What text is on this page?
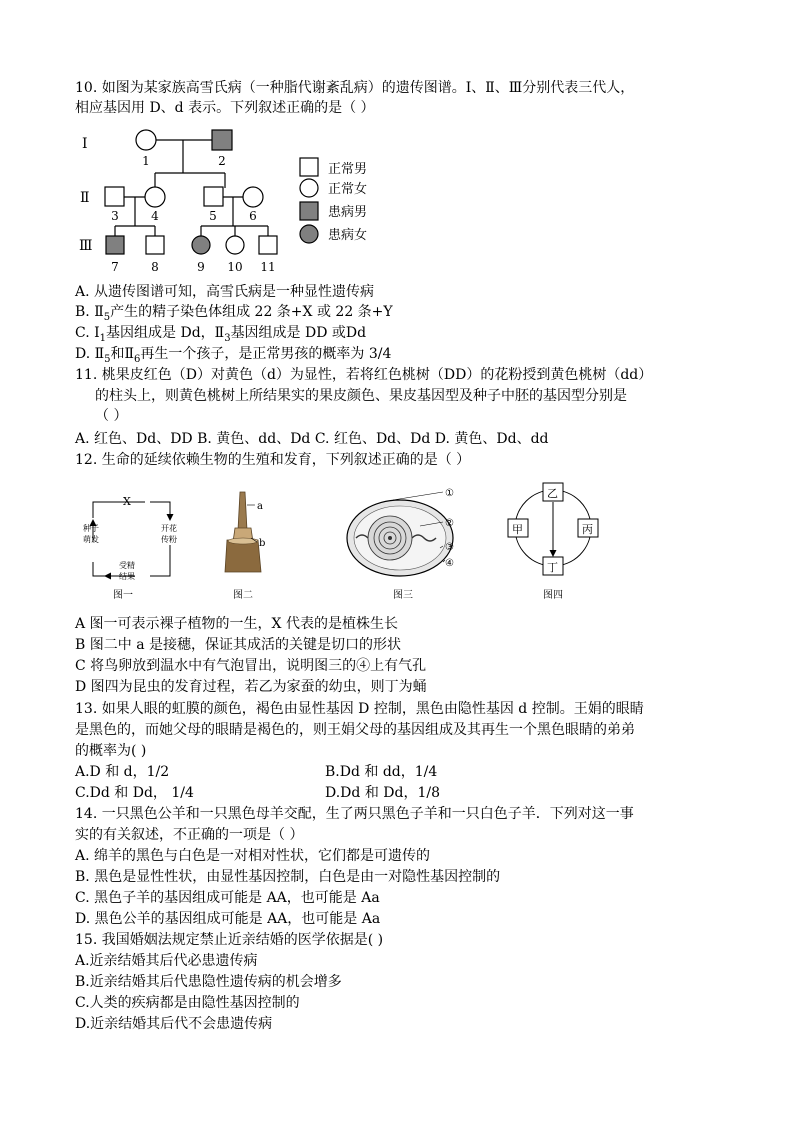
10. 如图为某家族高雪氏病（一种脂代谢紊乱病）的遗传图谱。Ⅰ、Ⅱ、Ⅲ分别代表三代人，
相应基因用 D、d 表示。下列叙述正确的是（ ）
Ⅰ
Ⅱ
Ⅲ
1	2
3	4	5	6
7	8	9 10 11
正常男
正常女
患病男
患病女
A. 从遗传图谱可知，高雪氏病是一种显性遗传病
B. $Ⅱ_5$产生的精子染色体组成 22 条+X 或 22 条+Y
C. $Ⅰ_1$基因组成是 Dd，$Ⅱ_3$基因组成是 DD 或Dd
D. $Ⅱ_5$和$Ⅱ_6$再生一个孩子，是正常男孩的概率为 3/4
11. 桃果皮红色（D）对黄色（d）为显性，若将红色桃树（DD）的花粉授到黄色桃树（dd）
的柱头上，则黄色桃树上所结果实的果皮颜色、果皮基因型及种子中胚的基因型分别是
（ ）
A. 红色、Dd、DD B. 黄色、dd、Dd C. 红色、Dd、Dd D. 黄色、Dd、dd
12. 生命的延续依赖生物的生殖和发育，下列叙述正确的是（ ）
X
种子
萌发
开花
传粉
受精
结果
图一
a
b
图二
①
②
③
④
图三
乙
甲	丙
丁
图四
A 图一可表示裸子植物的一生，X 代表的是植株生长
B 图二中 a 是接穗，保证其成活的关键是切口的形状
C 将鸟卵放到温水中有气泡冒出，说明图三的④上有气孔
D 图四为昆虫的发育过程，若乙为家蚕的幼虫，则丁为蛹
13. 如果人眼的虹膜的颜色，褐色由显性基因 D 控制，黑色由隐性基因 d 控制。王娟的眼睛
是黑色的，而她父母的眼睛是褐色的，则王娟父母的基因组成及其再生一个黑色眼睛的弟弟
的概率为( )
A.D 和 d，1/2	B.Dd 和 dd，1/4
C.Dd 和 Dd， 1/4	D.Dd 和 Dd，1/8
14. 一只黑色公羊和一只黑色母羊交配，生了两只黑色子羊和一只白色子羊．下列对这一事
实的有关叙述，不正确的一项是（ ）
A. 绵羊的黑色与白色是一对相对性状，它们都是可遗传的
B. 黑色是显性性状，由显性基因控制，白色是由一对隐性基因控制的
C. 黑色子羊的基因组成可能是 AA，也可能是 Aa
D. 黑色公羊的基因组成可能是 AA，也可能是 Aa
15. 我国婚姻法规定禁止近亲结婚的医学依据是( )
A.近亲结婚其后代必患遗传病
B.近亲结婚其后代患隐性遗传病的机会增多
C.人类的疾病都是由隐性基因控制的
D.近亲结婚其后代不会患遗传病
